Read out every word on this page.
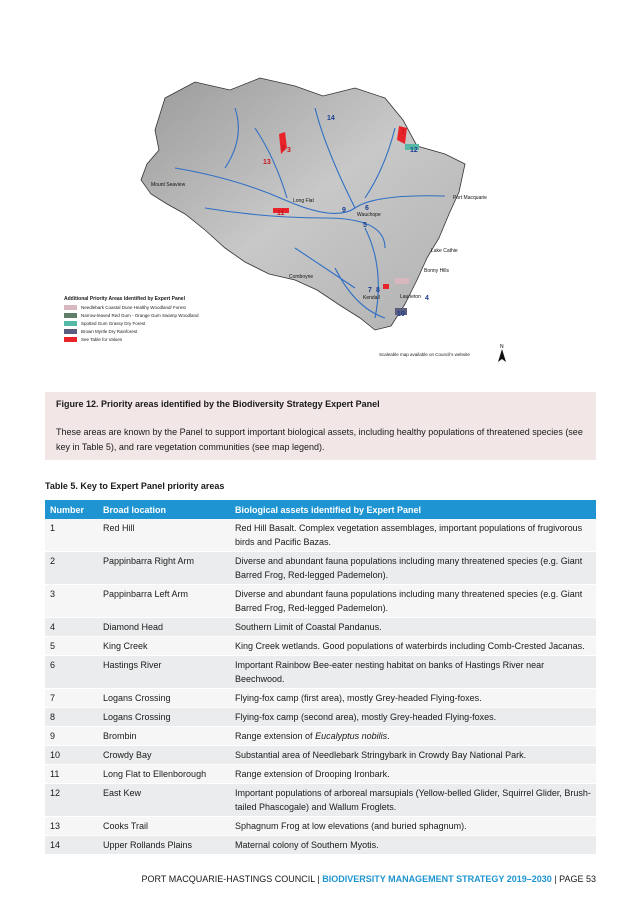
Mount Seaview
Long Flat
Wauchope
Port Macquarie
Lake Cathie
Bonny Hills
Comboyne
Kendall	Laurieton
14
1
2 3
13
12
11	9	6
5
7 8
4
10
Additional Priority Areas Identified by Expert Panel
Needlebark Coastal Dune Healthy Woodland/ Forest
Narrow-leaved Red Gum - Orange Gum Swamp Woodland
Spotted Gum Grassy Dry Forest
Brown Myrtle Dry Rainforest
See Table for Values
Scaleable map available on Council's website
N
Figure 12. Priority areas identified by the Biodiversity Strategy Expert Panel
These areas are known by the Panel to support important biological assets, including healthy populations of threatened species (see key in Table 5), and rare vegetation communities (see map legend).
Table 5. Key to Expert Panel priority areas
Number	Broad location	Biological assets identified by Expert Panel
1	Red Hill	Red Hill Basalt. Complex vegetation assemblages, important populations of frugivorous birds and Pacific Bazas.
2	Pappinbarra Right Arm	Diverse and abundant fauna populations including many threatened species (e.g. Giant Barred Frog, Red-legged Pademelon).
3	Pappinbarra Left Arm	Diverse and abundant fauna populations including many threatened species (e.g. Giant Barred Frog, Red-legged Pademelon).
4	Diamond Head	Southern Limit of Coastal Pandanus.
5	King Creek	King Creek wetlands. Good populations of waterbirds including Comb-Crested Jacanas.
6	Hastings River	Important Rainbow Bee-eater nesting habitat on banks of Hastings River near Beechwood.
7	Logans Crossing	Flying-fox camp (first area), mostly Grey-headed Flying-foxes.
8	Logans Crossing	Flying-fox camp (second area), mostly Grey-headed Flying-foxes.
9	Brombin	Range extension of Eucalyptus nobilis.
10	Crowdy Bay	Substantial area of Needlebark Stringybark in Crowdy Bay National Park.
11	Long Flat to Ellenborough	Range extension of Drooping Ironbark.
12	East Kew	Important populations of arboreal marsupials (Yellow-belled Glider, Squirrel Glider, Brush-tailed Phascogale) and Wallum Froglets.
13	Cooks Trail	Sphagnum Frog at low elevations (and buried sphagnum).
14	Upper Rollands Plains	Maternal colony of Southern Myotis.
PORT MACQUARIE-HASTINGS COUNCIL | BIODIVERSITY MANAGEMENT STRATEGY 2019–2030 | PAGE 53
